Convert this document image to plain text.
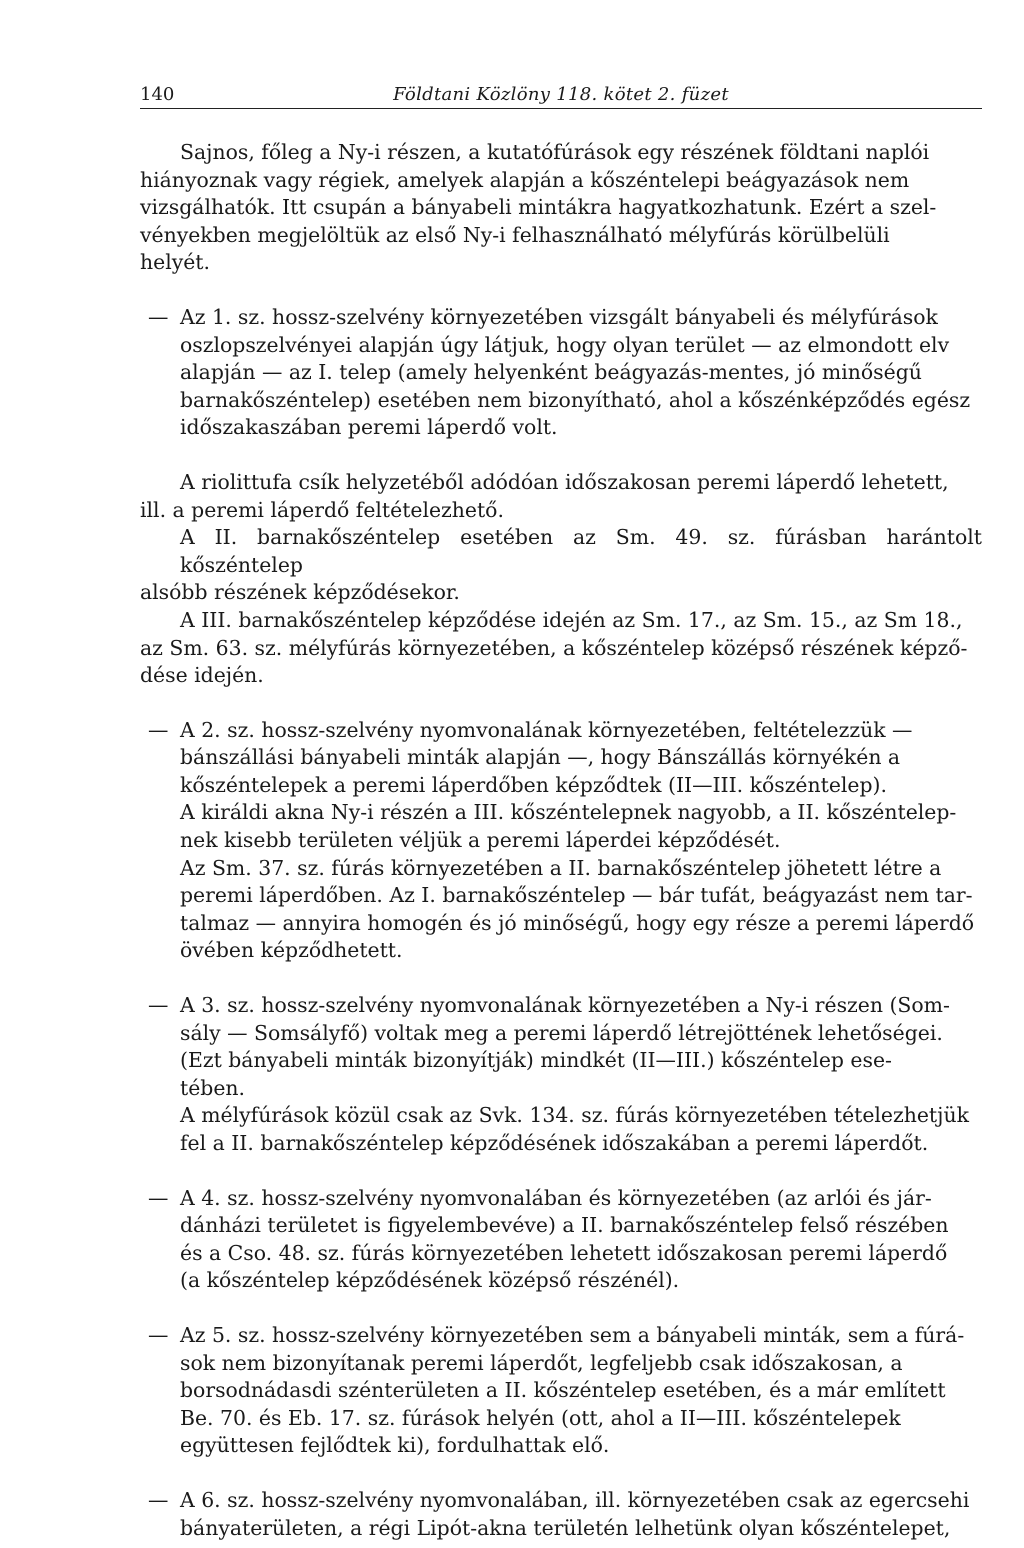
140	Földtani Közlöny 118. kötet 2. füzet
Sajnos, főleg a Ny-i részen, a kutatófúrások egy részének földtani naplói
hiányoznak vagy régiek, amelyek alapján a kőszéntelepi beágyazások nem
vizsgálhatók. Itt csupán a bányabeli mintákra hagyatkozhatunk. Ezért a szel-
vényekben megjelöltük az első Ny-i felhasználható mélyfúrás körülbelüli
helyét.
— Az 1. sz. hossz-szelvény környezetében vizsgált bányabeli és mélyfúrások
oszlopszelvényei alapján úgy látjuk, hogy olyan terület — az elmondott elv
alapján — az I. telep (amely helyenként beágyazás-mentes, jó minőségű
barnakőszéntelep) esetében nem bizonyítható, ahol a kőszénképződés egész
időszakaszában peremi láperdő volt.
A riolittufa csík helyzetéből adódóan időszakosan peremi láperdő lehetett,
ill. a peremi láperdő feltételezhető.
A II. barnakőszéntelep esetében az Sm. 49. sz. fúrásban harántolt kőszéntelep
alsóbb részének képződésekor.
A III. barnakőszéntelep képződése idején az Sm. 17., az Sm. 15., az Sm 18.,
az Sm. 63. sz. mélyfúrás környezetében, a kőszéntelep középső részének képző-
dése idején.
— A 2. sz. hossz-szelvény nyomvonalának környezetében, feltételezzük —
bánszállási bányabeli minták alapján —, hogy Bánszállás környékén a
kőszéntelepek a peremi láperdőben képződtek (II—III. kőszéntelep).
A királdi akna Ny-i részén a III. kőszéntelepnek nagyobb, a II. kőszéntelep-
nek kisebb területen véljük a peremi láperdei képződését.
Az Sm. 37. sz. fúrás környezetében a II. barnakőszéntelep jöhetett létre a
peremi láperdőben. Az I. barnakőszéntelep — bár tufát, beágyazást nem tar-
talmaz — annyira homogén és jó minőségű, hogy egy része a peremi láperdő
övében képződhetett.
— A 3. sz. hossz-szelvény nyomvonalának környezetében a Ny-i részen (Som-
sály — Somsályfő) voltak meg a peremi láperdő létrejöttének lehetőségei.
(Ezt bányabeli minták bizonyítják) mindkét (II—III.) kőszéntelep ese-
tében.
A mélyfúrások közül csak az Svk. 134. sz. fúrás környezetében tételezhetjük
fel a II. barnakőszéntelep képződésének időszakában a peremi láperdőt.
— A 4. sz. hossz-szelvény nyomvonalában és környezetében (az arlói és jár-
dánházi területet is figyelembevéve) a II. barnakőszéntelep felső részében
és a Cso. 48. sz. fúrás környezetében lehetett időszakosan peremi láperdő
(a kőszéntelep képződésének középső részénél).
— Az 5. sz. hossz-szelvény környezetében sem a bányabeli minták, sem a fúrá-
sok nem bizonyítanak peremi láperdőt, legfeljebb csak időszakosan, a
borsodnádasdi szénterületen a II. kőszéntelep esetében, és a már említett
Be. 70. és Eb. 17. sz. fúrások helyén (ott, ahol a II—III. kőszéntelepek
együttesen fejlődtek ki), fordulhattak elő.
— A 6. sz. hossz-szelvény nyomvonalában, ill. környezetében csak az egercsehi
bányaterületen, a régi Lipót-akna területén lelhetünk olyan kőszéntelepet,
